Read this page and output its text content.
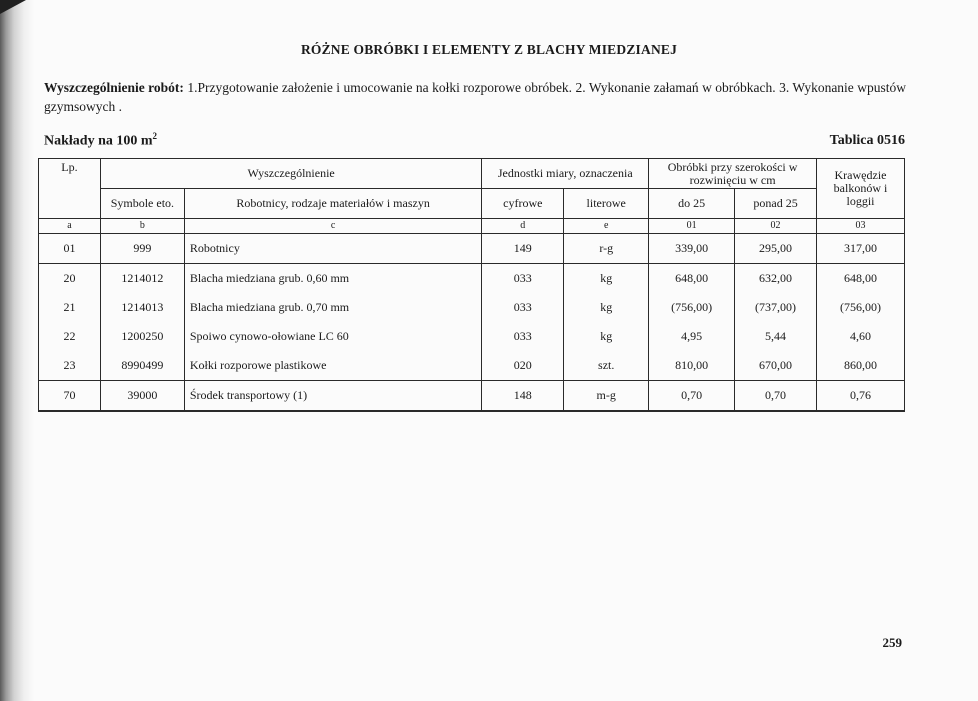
RÓŻNE OBRÓBKI I ELEMENTY Z BLACHY MIEDZIANEJ
Wyszczególnienie robót: 1.Przygotowanie założenie i umocowanie na kołki rozporowe obróbek. 2. Wykonanie załamań w obróbkach. 3. Wykonanie wpustów gzymsowych .
Nakłady na 100 $m^2$	Tablica 0516
Lp.	Wyszczególnienie		Jednostki miary, oznaczenia		Obróbki przy szerokości w rozwinięciu w cm		Krawędzie balkonów i loggii
	Symbole eto.	Robotnicy, rodzaje materiałów i maszyn	cyfrowe	literowe	do 25	ponad 25	
a	b	c	d	e	01	02	03
01	999	Robotnicy	149	r-g	339,00	295,00	317,00
20	1214012	Blacha miedziana grub. 0,60 mm	033	kg	648,00	632,00	648,00
21	1214013	Blacha miedziana grub. 0,70 mm	033	kg	(756,00)	(737,00)	(756,00)
22	1200250	Spoiwo cynowo-ołowiane LC 60	033	kg	4,95	5,44	4,60
23	8990499	Kołki rozporowe plastikowe	020	szt.	810,00	670,00	860,00
70	39000	Środek transportowy (1)	148	m-g	0,70	0,70	0,76
259
